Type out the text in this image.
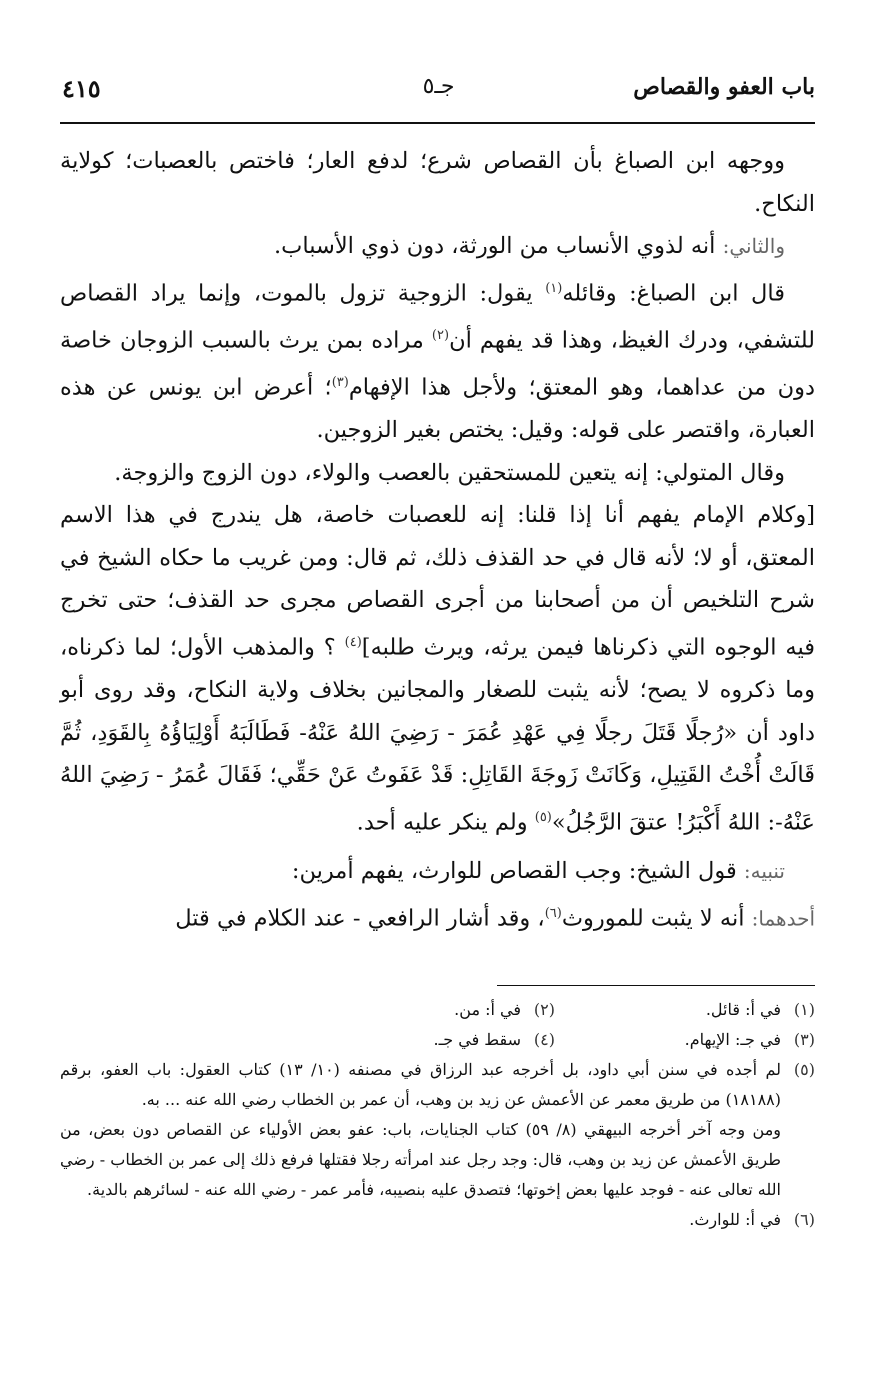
باب العفو والقصاص
جـ٥
٤١٥

ووجهه ابن الصباغ بأن القصاص شرع؛ لدفع العار؛ فاختص بالعصبات؛ كولاية النكاح.

والثاني: أنه لذوي الأنساب من الورثة، دون ذوي الأسباب.

قال ابن الصباغ: وقائله$^{(١)}$ يقول: الزوجية تزول بالموت، وإنما يراد القصاص للتشفي، ودرك الغيظ، وهذا قد يفهم أن$^{(٢)}$ مراده بمن يرث بالسبب الزوجان خاصة دون من عداهما، وهو المعتق؛ ولأجل هذا الإفهام$^{(٣)}$؛ أعرض ابن يونس عن هذه العبارة، واقتصر على قوله: وقيل: يختص بغير الزوجين.

وقال المتولي: إنه يتعين للمستحقين بالعصب والولاء، دون الزوج والزوجة.

[وكلام الإمام يفهم أنا إذا قلنا: إنه للعصبات خاصة، هل يندرج في هذا الاسم المعتق، أو لا؛ لأنه قال في حد القذف ذلك، ثم قال: ومن غريب ما حكاه الشيخ في شرح التلخيص أن من أصحابنا من أجرى القصاص مجرى حد القذف؛ حتى تخرج فيه الوجوه التي ذكرناها فيمن يرثه، ويرث طلبه]$^{(٤)}$ ؟ والمذهب الأول؛ لما ذكرناه، وما ذكروه لا يصح؛ لأنه يثبت للصغار والمجانين بخلاف ولاية النكاح، وقد روى أبو داود أن «رُجلًا قَتَلَ رجلًا فِي عَهْدِ عُمَرَ - رَضِيَ اللهُ عَنْهُ- فَطَالَبَهُ أَوْلِيَاؤُهُ بِالقَوَدِ، ثُمَّ قَالَتْ أُخْتُ القَتِيلِ، وَكَانَتْ زَوجَةَ القَاتِلِ: قَدْ عَفَوتُ عَنْ حَقِّي؛ فَقَالَ عُمَرُ - رَضِيَ اللهُ عَنْهُ-: اللهُ أَكْبَرُ! عتقَ الرَّجُلُ»$^{(٥)}$ ولم ينكر عليه أحد.

تنبيه: قول الشيخ: وجب القصاص للوارث، يفهم أمرين:

أحدهما: أنه لا يثبت للموروث$^{(٦)}$، وقد أشار الرافعي - عند الكلام في قتل

(١)في أ: قائل.
(٢)في أ: من.
(٣)في جـ: الإيهام.
(٤)سقط في جـ.
(٥)

لم أجده في سنن أبي داود، بل أخرجه عبد الرزاق في مصنفه (١٠/ ١٣) كتاب العقول: باب العفو، برقم (١٨١٨٨) من طريق معمر عن الأعمش عن زيد بن وهب، أن عمر بن الخطاب رضي الله عنه ... به.

ومن وجه آخر أخرجه البيهقي (٨/ ٥٩) كتاب الجنايات، باب: عفو بعض الأولياء عن القصاص دون بعض، من طريق الأعمش عن زيد بن وهب، قال: وجد رجل عند امرأته رجلا فقتلها فرفع ذلك إلى عمر بن الخطاب - رضي الله تعالى عنه - فوجد عليها بعض إخوتها؛ فتصدق عليه بنصيبه، فأمر عمر - رضي الله عنه - لسائرهم بالدية.

(٦)في أ: للوارث.
